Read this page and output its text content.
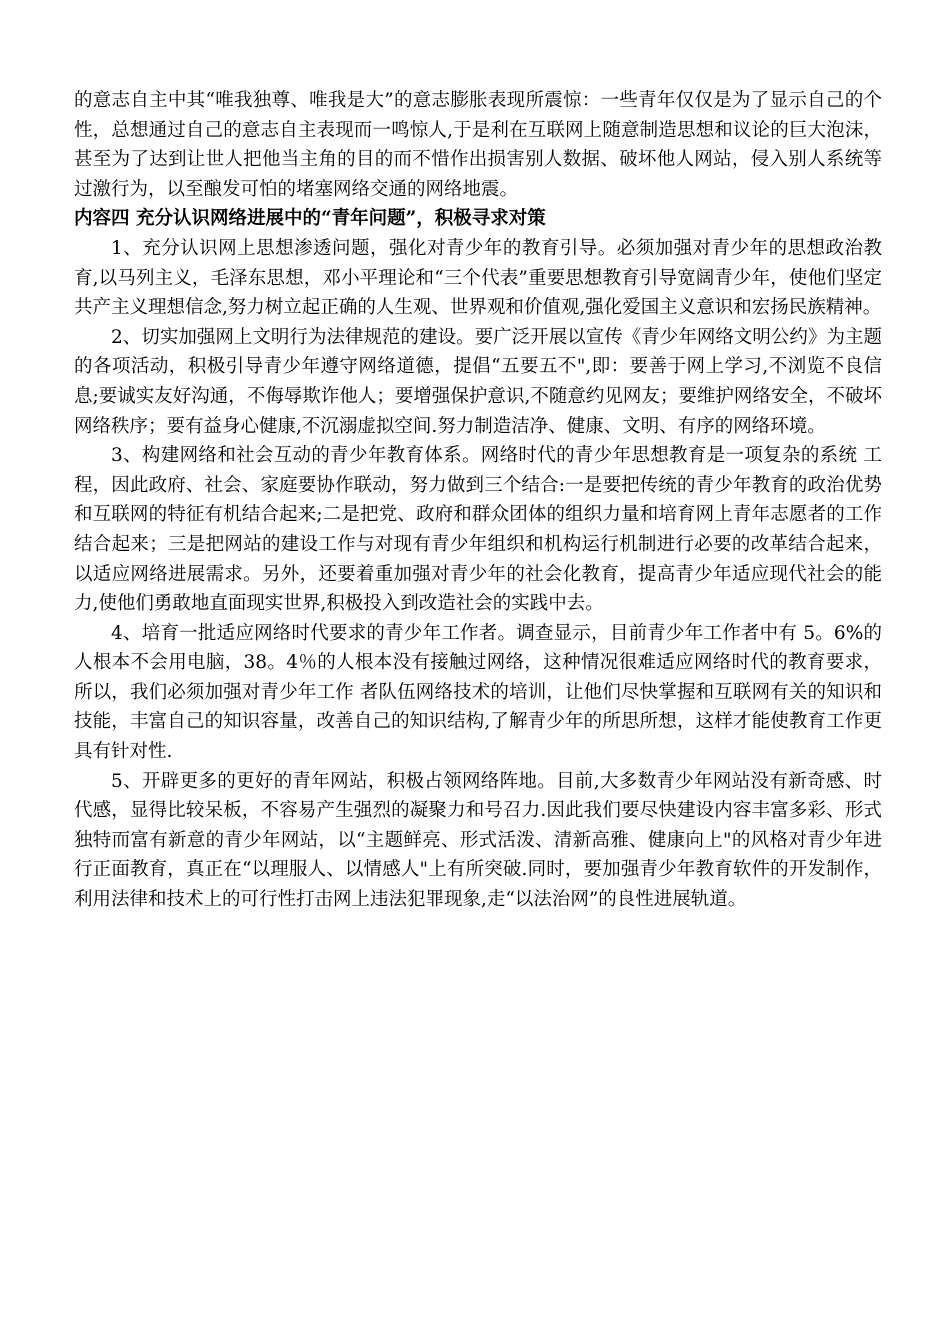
的意志自主中其“唯我独尊、唯我是大”的意志膨胀表现所震惊：一些青年仅仅是为了显示自己的个性，总想通过自己的意志自主表现而一鸣惊人,于是利在互联网上随意制造思想和议论的巨大泡沫，甚至为了达到让世人把他当主角的目的而不惜作出损害别人数据、破坏他人网站，侵入别人系统等过激行为，以至酿发可怕的堵塞网络交通的网络地震。

内容四 充分认识网络进展中的“青年问题”，积极寻求对策

1、充分认识网上思想渗透问题，强化对青少年的教育引导。必须加强对青少年的思想政治教育,以马列主义，毛泽东思想，邓小平理论和“三个代表”重要思想教育引导宽阔青少年，使他们坚定共产主义理想信念,努力树立起正确的人生观、世界观和价值观,强化爱国主义意识和宏扬民族精神。

2、切实加强网上文明行为法律规范的建设。要广泛开展以宣传《青少年网络文明公约》为主题的各项活动，积极引导青少年遵守网络道德，提倡“五要五不",即：要善于网上学习,不浏览不良信息;要诚实友好沟通，不侮辱欺诈他人；要增强保护意识,不随意约见网友；要维护网络安全，不破坏网络秩序；要有益身心健康,不沉溺虚拟空间.努力制造洁净、健康、文明、有序的网络环境。

3、构建网络和社会互动的青少年教育体系。网络时代的青少年思想教育是一项复杂的系统 工程，因此政府、社会、家庭要协作联动，努力做到三个结合:一是要把传统的青少年教育的政治优势和互联网的特征有机结合起来;二是把党、政府和群众团体的组织力量和培育网上青年志愿者的工作结合起来；三是把网站的建设工作与对现有青少年组织和机构运行机制进行必要的改革结合起来，以适应网络进展需求。另外，还要着重加强对青少年的社会化教育，提高青少年适应现代社会的能力,使他们勇敢地直面现实世界,积极投入到改造社会的实践中去。

4、培育一批适应网络时代要求的青少年工作者。调查显示，目前青少年工作者中有 5。6%的人根本不会用电脑，38。4％的人根本没有接触过网络，这种情况很难适应网络时代的教育要求，所以，我们必须加强对青少年工作 者队伍网络技术的培训，让他们尽快掌握和互联网有关的知识和技能，丰富自己的知识容量，改善自己的知识结构,了解青少年的所思所想，这样才能使教育工作更具有针对性.

5、开辟更多的更好的青年网站，积极占领网络阵地。目前,大多数青少年网站没有新奇感、时代感，显得比较呆板，不容易产生强烈的凝聚力和号召力.因此我们要尽快建设内容丰富多彩、形式独特而富有新意的青少年网站，以“主题鲜亮、形式活泼、清新高雅、健康向上"的风格对青少年进行正面教育，真正在“以理服人、以情感人"上有所突破.同时，要加强青少年教育软件的开发制作，利用法律和技术上的可行性打击网上违法犯罪现象,走“以法治网”的良性进展轨道。
